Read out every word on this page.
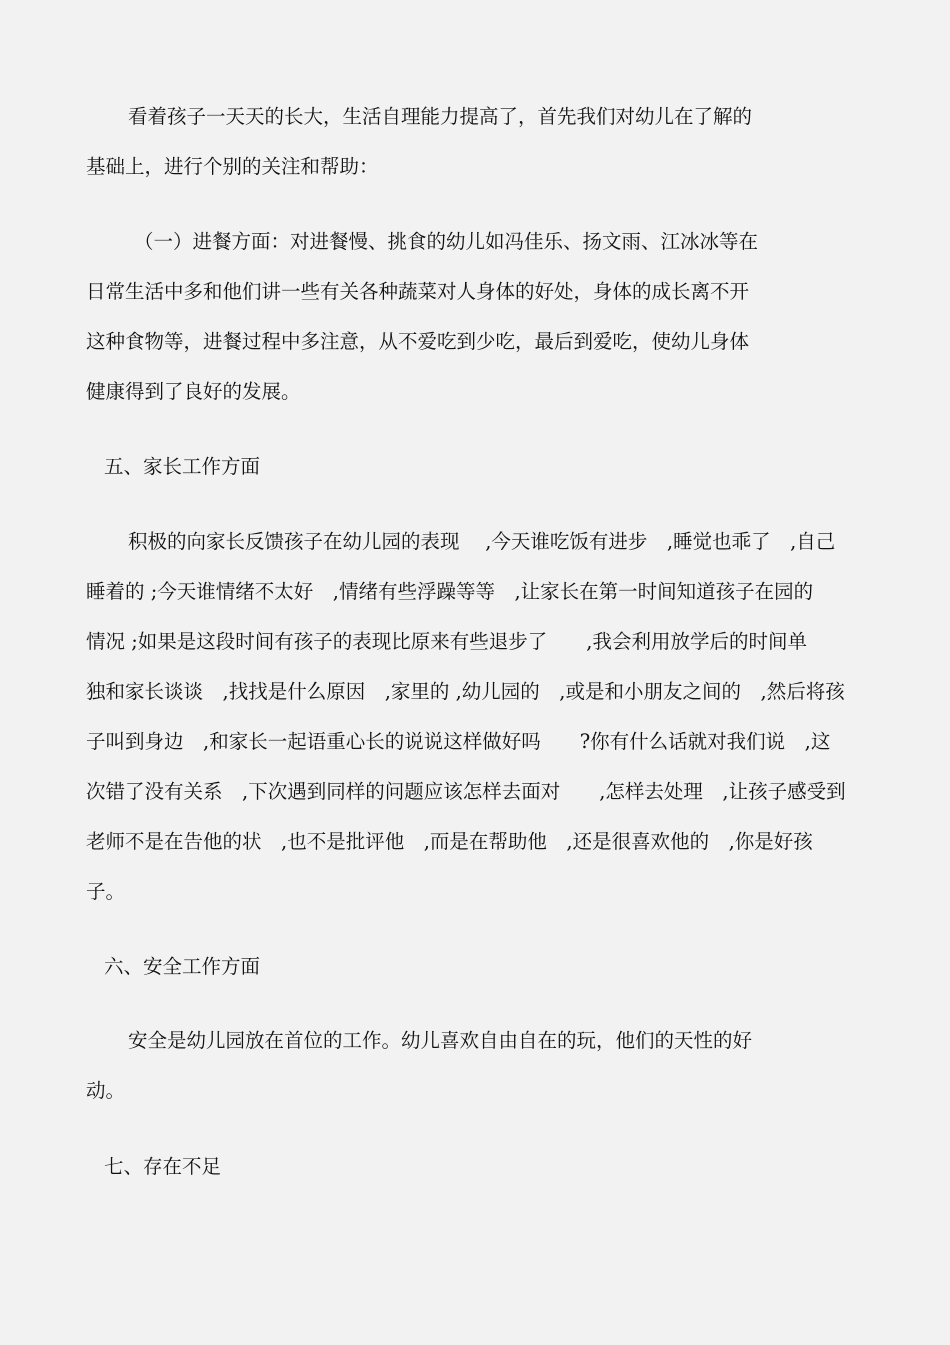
看着孩子一天天的长大，生活自理能力提高了，首先我们对幼儿在了解的
基础上，进行个别的关注和帮助：
（一）进餐方面：对进餐慢、挑食的幼儿如冯佳乐、扬文雨、江冰冰等在
日常生活中多和他们讲一些有关各种蔬菜对人身体的好处，身体的成长离不开
这种食物等，进餐过程中多注意，从不爱吃到少吃，最后到爱吃，使幼儿身体
健康得到了良好的发展。
五、家长工作方面
积极的向家长反馈孩子在幼儿园的表现　 ,今天谁吃饭有进步　,睡觉也乖了　,自己
睡着的 ;今天谁情绪不太好　,情绪有些浮躁等等　,让家长在第一时间知道孩子在园的
情况 ;如果是这段时间有孩子的表现比原来有些退步了　　,我会利用放学后的时间单
独和家长谈谈　,找找是什么原因　,家里的 ,幼儿园的　,或是和小朋友之间的　,然后将孩
子叫到身边　,和家长一起语重心长的说说这样做好吗　　?你有什么话就对我们说　,这
次错了没有关系　,下次遇到同样的问题应该怎样去面对　　,怎样去处理　,让孩子感受到
老师不是在告他的状　,也不是批评他　,而是在帮助他　,还是很喜欢他的　,你是好孩
子。
六、安全工作方面
安全是幼儿园放在首位的工作。幼儿喜欢自由自在的玩，他们的天性的好
动。
七、存在不足
